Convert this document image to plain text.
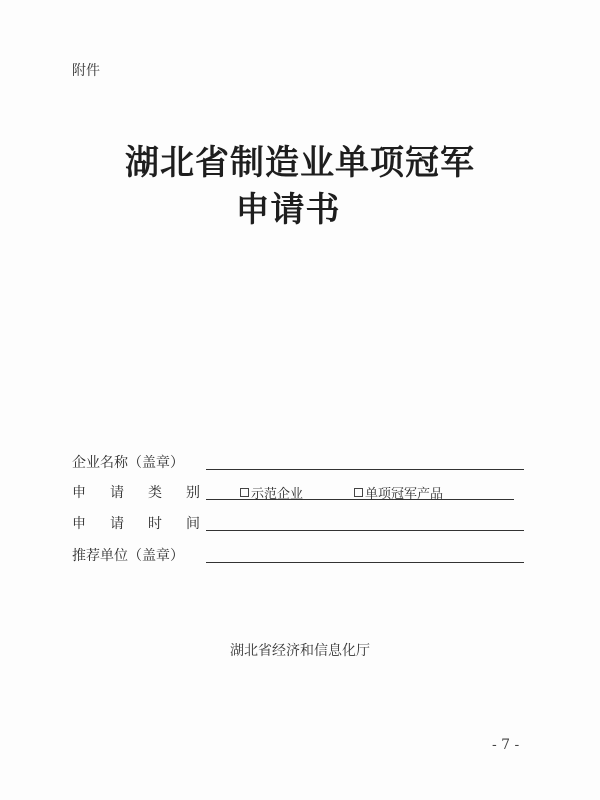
附件
湖北省制造业单项冠军
申请书
企业名称（盖章）
申 请 类 别	示范企业	单项冠军产品
申 请 时 间
推荐单位（盖章）
湖北省经济和信息化厅
- 7 -
